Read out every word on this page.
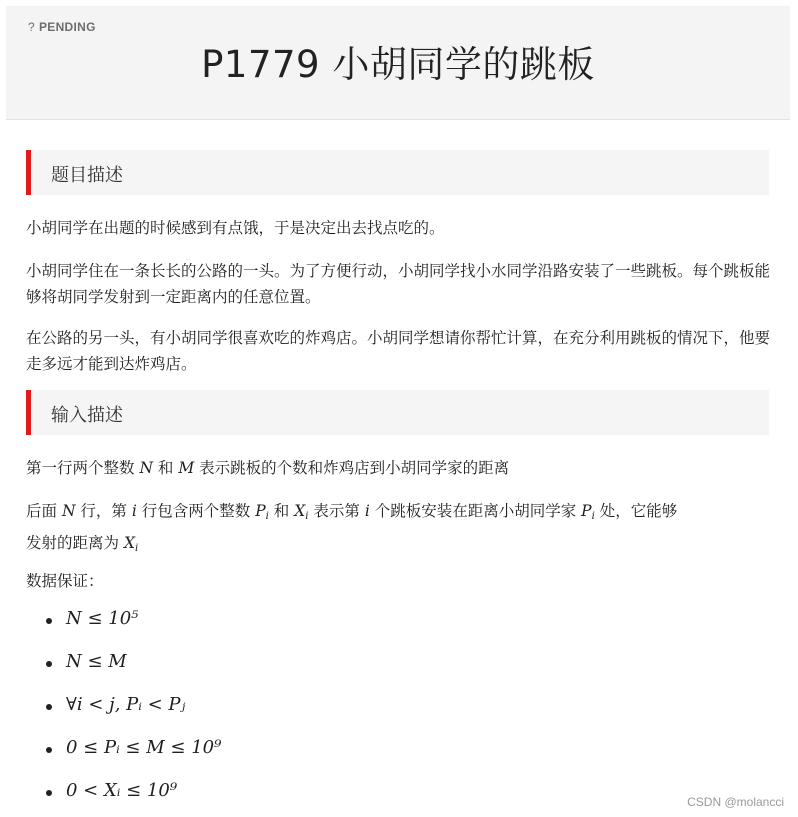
? PENDING
P1779 小胡同学的跳板
题目描述
小胡同学在出题的时候感到有点饿，于是决定出去找点吃的。
小胡同学住在一条长长的公路的一头。为了方便行动，小胡同学找小水同学沿路安装了一些跳板。每个跳板能够将胡同学发射到一定距离内的任意位置。
在公路的另一头，有小胡同学很喜欢吃的炸鸡店。小胡同学想请你帮忙计算，在充分利用跳板的情况下，他要走多远才能到达炸鸡店。
输入描述
第一行两个整数 N 和 M 表示跳板的个数和炸鸡店到小胡同学家的距离
后面 N 行，第 i 行包含两个整数 $P_i$ 和 $X_i$ 表示第 i 个跳板安装在距离小胡同学家 $P_i$ 处，它能够
发射的距离为 $X_i$
数据保证：
N ≤ 10⁵
N ≤ M
∀i < j, Pᵢ < Pⱼ
0 ≤ Pᵢ ≤ M ≤ 10⁹
0 < Xᵢ ≤ 10⁹
CSDN @molancci
